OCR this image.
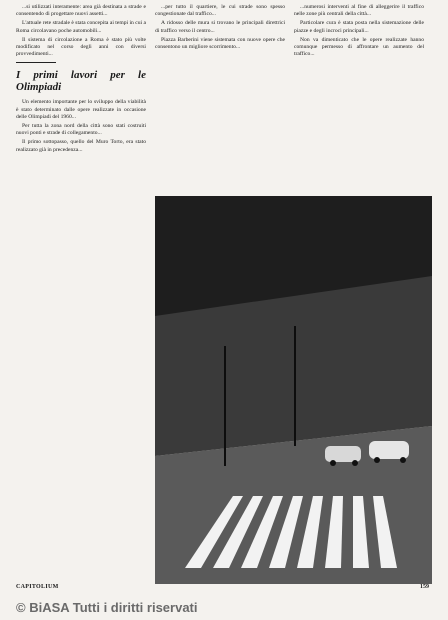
...si utilizzati interamente: area già destinata a strade e consentendo di progettare nuovi assetti...

L'attuale rete stradale è stata concepita ai tempi in cui a Roma circolavano poche automobili...

Il sistema di circolazione a Roma è stato più volte modificato nel corso degli anni con diversi provvedimenti...

I primi lavori per le Olimpiadi

Un elemento importante per lo sviluppo della viabilità è stato determinato dalle opere realizzate in occasione delle Olimpiadi del 1960...

Per tutta la zona nord della città sono stati costruiti nuovi ponti e strade di collegamento...

Il primo sottopasso, quello del Muro Torto, era stato realizzato già in precedenza...

...per tutto il quartiere, le cui strade sono spesso congestionate dal traffico...

A ridosso delle mura si trovano le principali direttrici di traffico verso il centro...

Piazza Barberini viene sistemata con nuove opere che consentono un migliore scorrimento...

...numerosi interventi al fine di alleggerire il traffico nelle zone più centrali della città...

Particolare cura è stata posta nella sistemazione delle piazze e degli incroci principali...

Non va dimenticato che le opere realizzate hanno comunque permesso di affrontare un aumento del traffico...

CAPITOLIUM	159
© BiASA Tutti i diritti riservati
